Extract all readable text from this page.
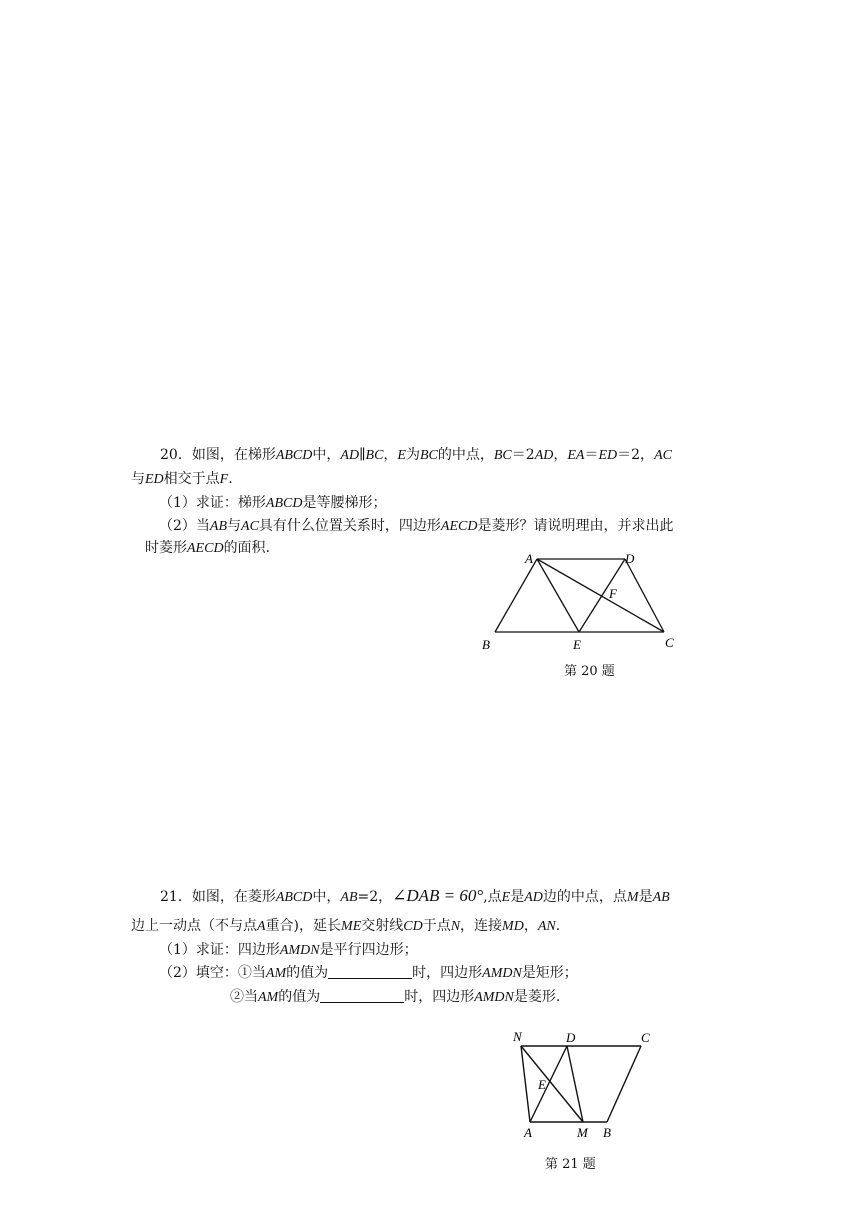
20．如图，在梯形ABCD中，AD∥BC，E为BC的中点，BC＝2AD，EA＝ED＝2，AC
与ED相交于点F.
（1）求证：梯形ABCD是等腰梯形；
（2）当AB与AC具有什么位置关系时，四边形AECD是菱形？请说明理由，并求出此
时菱形AECD的面积.
A	D
F
B	E	C
第 20 题
21．如图，在菱形ABCD中，AB=2，∠DAB = 60°,点E是AD边的中点，点M是AB
边上一动点（不与点A重合)，延长ME交射线CD于点N，连接MD，AN.
（1）求证：四边形AMDN是平行四边形；
（2）填空：①当AM的值为	时，四边形AMDN是矩形；
②当AM的值为	时，四边形AMDN是菱形.
N	D	C
E
A	M B
第 21 题
